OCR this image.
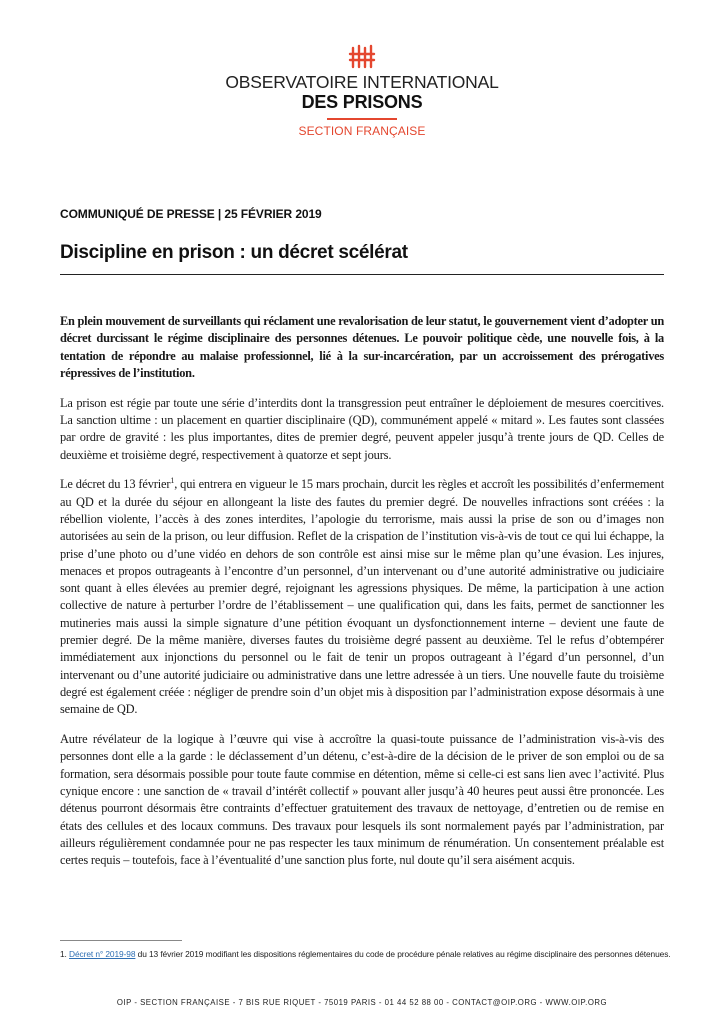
OBSERVATOIRE INTERNATIONAL
DES PRISONS
SECTION FRANÇAISE
COMMUNIQUÉ DE PRESSE | 25 FÉVRIER 2019
Discipline en prison : un décret scélérat

En plein mouvement de surveillants qui réclament une revalorisation de leur statut, le gouvernement vient d’adopter un décret durcissant le régime disciplinaire des personnes détenues. Le pouvoir politique cède, une nouvelle fois, à la tentation de répondre au malaise professionnel, lié à la sur-incarcération, par un accroissement des prérogatives répressives de l’institution.

La prison est régie par toute une série d’interdits dont la transgression peut entraîner le déploiement de mesures coercitives. La sanction ultime : un placement en quartier disciplinaire (QD), communément appelé « mitard ». Les fautes sont classées par ordre de gravité : les plus importantes, dites de premier degré, peuvent appeler jusqu’à trente jours de QD. Celles de deuxième et troisième degré, respectivement à quatorze et sept jours.

Le décret du 13 février$^1$, qui entrera en vigueur le 15 mars prochain, durcit les règles et accroît les possibilités d’enfermement au QD et la durée du séjour en allongeant la liste des fautes du premier degré. De nouvelles infractions sont créées : la rébellion violente, l’accès à des zones interdites, l’apologie du terrorisme, mais aussi la prise de son ou d’images non autorisées au sein de la prison, ou leur diffusion. Reflet de la crispation de l’institution vis-à-vis de tout ce qui lui échappe, la prise d’une photo ou d’une vidéo en dehors de son contrôle est ainsi mise sur le même plan qu’une évasion. Les injures, menaces et propos outrageants à l’encontre d’un personnel, d’un intervenant ou d’une autorité administrative ou judiciaire sont quant à elles élevées au premier degré, rejoignant les agressions physiques. De même, la participation à une action collective de nature à perturber l’ordre de l’établissement – une qualification qui, dans les faits, permet de sanctionner les mutineries mais aussi la simple signature d’une pétition évoquant un dysfonctionnement interne – devient une faute de premier degré. De la même manière, diverses fautes du troisième degré passent au deuxième. Tel le refus d’obtempérer immédiatement aux injonctions du personnel ou le fait de tenir un propos outrageant à l’égard d’un personnel, d’un intervenant ou d’une autorité judiciaire ou administrative dans une lettre adressée à un tiers. Une nouvelle faute du troisième degré est également créée : négliger de prendre soin d’un objet mis à disposition par l’administration expose désormais à une semaine de QD.

Autre révélateur de la logique à l’œuvre qui vise à accroître la quasi-toute puissance de l’administration vis-à-vis des personnes dont elle a la garde : le déclassement d’un détenu, c’est-à-dire de la décision de le priver de son emploi ou de sa formation, sera désormais possible pour toute faute commise en détention, même si celle-ci est sans lien avec l’activité. Plus cynique encore : une sanction de « travail d’intérêt collectif » pouvant aller jusqu’à 40 heures peut aussi être prononcée. Les détenus pourront désormais être contraints d’effectuer gratuitement des travaux de nettoyage, d’entretien ou de remise en états des cellules et des locaux communs. Des travaux pour lesquels ils sont normalement payés par l’administration, par ailleurs régulièrement condamnée pour ne pas respecter les taux minimum de rénumération. Un consentement préalable est certes requis – toutefois, face à l’éventualité d’une sanction plus forte, nul doute qu’il sera aisément acquis.

1. Décret n° 2019-98 du 13 février 2019 modifiant les dispositions réglementaires du code de procédure pénale relatives au régime disciplinaire des personnes détenues.
OIP - SECTION FRANÇAISE - 7 BIS RUE RIQUET - 75019 PARIS - 01 44 52 88 00 - CONTACT@OIP.ORG - WWW.OIP.ORG
